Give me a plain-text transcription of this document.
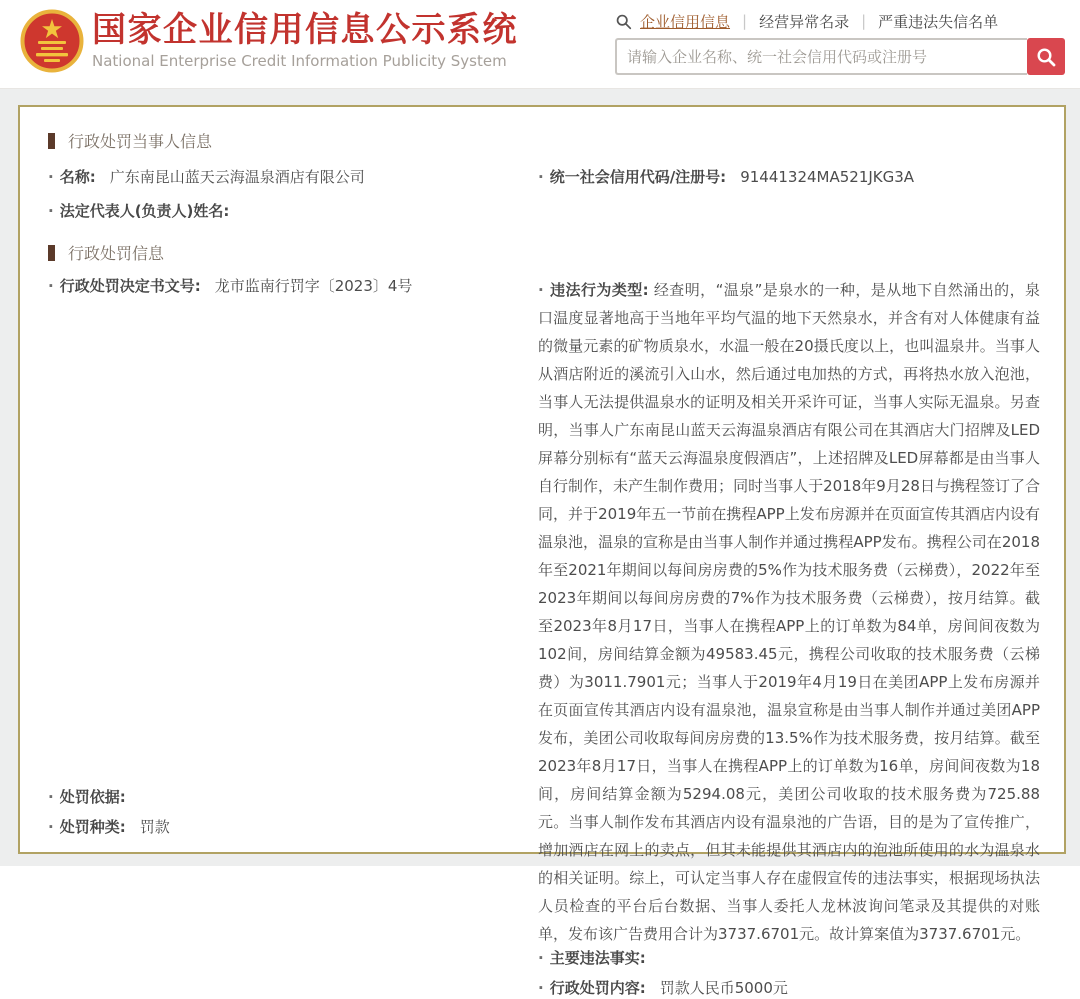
国家企业信用信息公示系统
National Enterprise Credit Information Publicity System
企业信用信息 | 经营异常名录 | 严重违法失信名单
请输入企业名称、统一社会信用代码或注册号
行政处罚当事人信息
· 名称: 广东南昆山蓝天云海温泉酒店有限公司
· 法定代表人(负责人)姓名:
· 统一社会信用代码/注册号: 91441324MA521JKG3A
行政处罚信息
· 行政处罚决定书文号: 龙市监南行罚字〔2023〕4号
· 处罚依据:
· 处罚种类: 罚款

· 违法行为类型: 经查明，“温泉”是泉水的一种，是从地下自然涌出的，泉口温度显著地高于当地年平均气温的地下天然泉水，并含有对人体健康有益的微量元素的矿物质泉水，水温一般在20摄氏度以上，也叫温泉井。当事人从酒店附近的溪流引入山水，然后通过电加热的方式，再将热水放入泡池，当事人无法提供温泉水的证明及相关开采许可证，当事人实际无温泉。另查明，当事人广东南昆山蓝天云海温泉酒店有限公司在其酒店大门招牌及LED屏幕分别标有“蓝天云海温泉度假酒店”，上述招牌及LED屏幕都是由当事人自行制作，未产生制作费用；同时当事人于2018年9月28日与携程签订了合同，并于2019年五一节前在携程APP上发布房源并在页面宣传其酒店内设有温泉池，温泉的宣称是由当事人制作并通过携程APP发布。携程公司在2018年至2021年期间以每间房房费的5%作为技术服务费（云梯费），2022年至2023年期间以每间房房费的7%作为技术服务费（云梯费），按月结算。截至2023年8月17日，当事人在携程APP上的订单数为84单，房间间夜数为102间，房间结算金额为49583.45元，携程公司收取的技术服务费（云梯费）为3011.7901元；当事人于2019年4月19日在美团APP上发布房源并在页面宣传其酒店内设有温泉池，温泉宣称是由当事人制作并通过美团APP发布，美团公司收取每间房房费的13.5%作为技术服务费，按月结算。截至2023年8月17日，当事人在携程APP上的订单数为16单，房间间夜数为18间，房间结算金额为5294.08元，美团公司收取的技术服务费为725.88元。当事人制作发布其酒店内设有温泉池的广告语，目的是为了宣传推广，增加酒店在网上的卖点，但其未能提供其酒店内的泡池所使用的水为温泉水的相关证明。综上，可认定当事人存在虚假宣传的违法事实，根据现场执法人员检查的平台后台数据、当事人委托人龙林波询问笔录及其提供的对账单，发布该广告费用合计为3737.6701元。故计算案值为3737.6701元。

· 主要违法事实:
· 行政处罚内容: 罚款人民币5000元
